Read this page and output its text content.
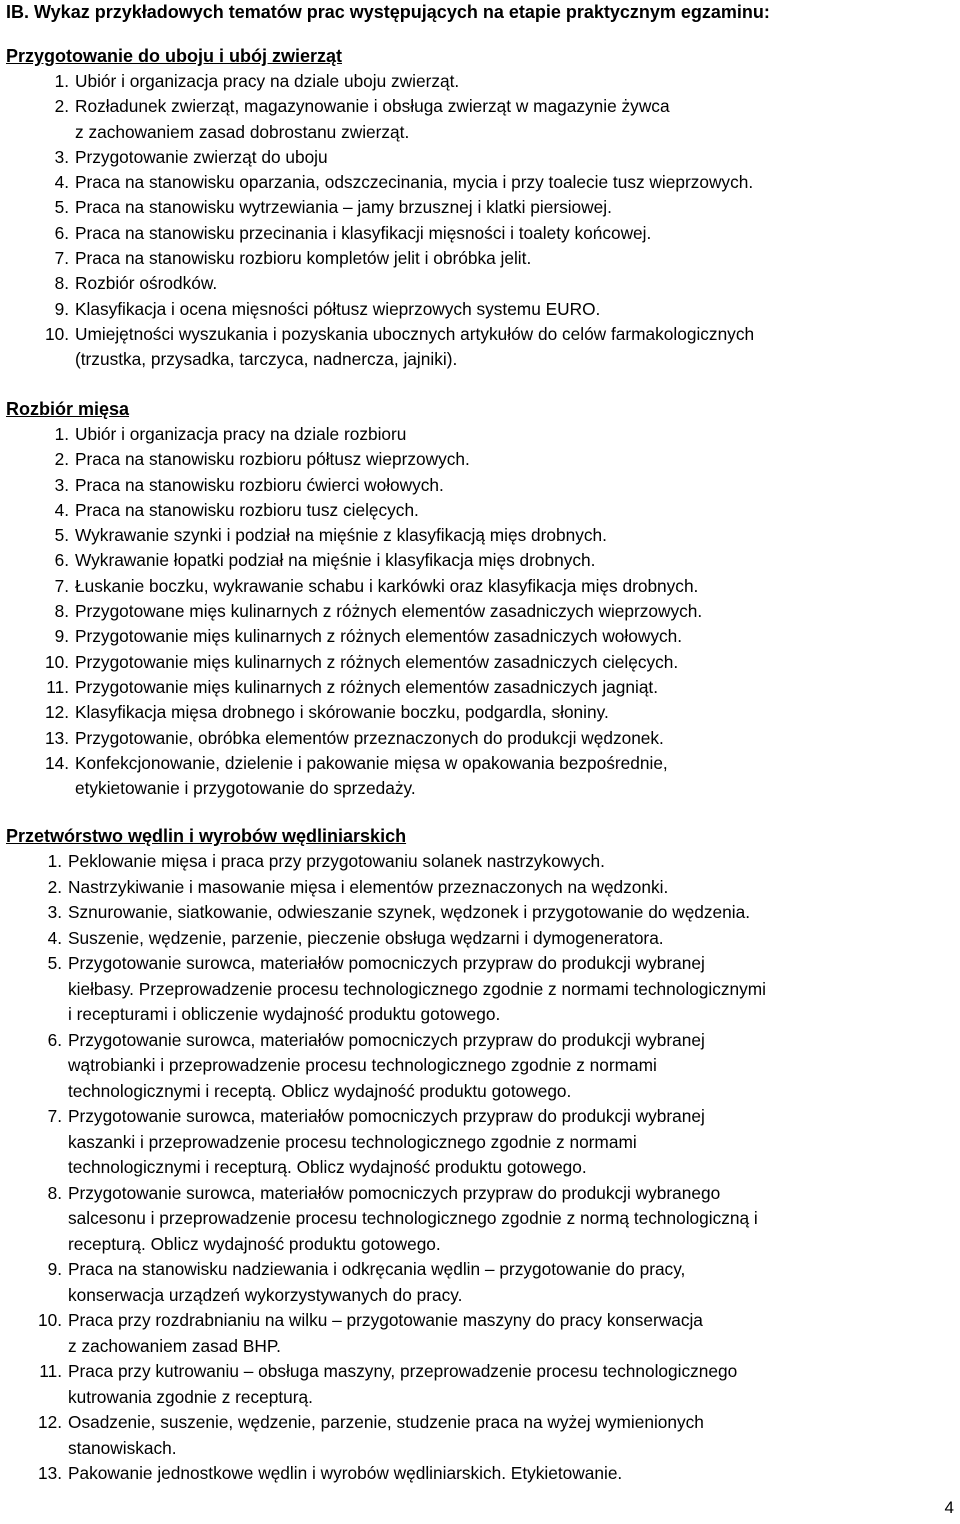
IB. Wykaz przykładowych tematów prac występujących na etapie praktycznym egzaminu:
Przygotowanie do uboju i ubój zwierząt
1. Ubiór i organizacja pracy na dziale uboju zwierząt.
2. Rozładunek zwierząt, magazynowanie i obsługa zwierząt w magazynie żywca
z zachowaniem zasad dobrostanu zwierząt.
3. Przygotowanie zwierząt do uboju
4. Praca na stanowisku oparzania, odszczecinania, mycia i przy toalecie tusz wieprzowych.
5. Praca na stanowisku wytrzewiania – jamy brzusznej i klatki piersiowej.
6. Praca na stanowisku przecinania i klasyfikacji mięsności i toalety końcowej.
7. Praca na stanowisku rozbioru kompletów jelit i obróbka jelit.
8. Rozbiór ośrodków.
9. Klasyfikacja i ocena mięsności półtusz wieprzowych systemu EURO.
10. Umiejętności wyszukania i pozyskania ubocznych artykułów do celów farmakologicznych
(trzustka, przysadka, tarczyca, nadnercza, jajniki).
Rozbiór mięsa
1. Ubiór i organizacja pracy na dziale rozbioru
2. Praca na stanowisku rozbioru półtusz wieprzowych.
3. Praca na stanowisku rozbioru ćwierci wołowych.
4. Praca na stanowisku rozbioru tusz cielęcych.
5. Wykrawanie szynki i podział na mięśnie z klasyfikacją mięs drobnych.
6. Wykrawanie łopatki podział na mięśnie i klasyfikacja mięs drobnych.
7. Łuskanie boczku, wykrawanie schabu i karkówki oraz klasyfikacja mięs drobnych.
8. Przygotowane mięs kulinarnych z różnych elementów zasadniczych wieprzowych.
9. Przygotowanie mięs kulinarnych z różnych elementów zasadniczych wołowych.
10. Przygotowanie mięs kulinarnych z różnych elementów zasadniczych cielęcych.
11. Przygotowanie mięs kulinarnych z różnych elementów zasadniczych jagniąt.
12. Klasyfikacja mięsa drobnego i skórowanie boczku, podgardla, słoniny.
13. Przygotowanie, obróbka elementów przeznaczonych do produkcji wędzonek.
14. Konfekcjonowanie, dzielenie i pakowanie mięsa w opakowania bezpośrednie,
etykietowanie i przygotowanie do sprzedaży.
Przetwórstwo wędlin i wyrobów wędliniarskich
1. Peklowanie mięsa i praca przy przygotowaniu solanek nastrzykowych.
2. Nastrzykiwanie i masowanie mięsa i elementów przeznaczonych na wędzonki.
3. Sznurowanie, siatkowanie, odwieszanie szynek, wędzonek i przygotowanie do wędzenia.
4. Suszenie, wędzenie, parzenie, pieczenie obsługa wędzarni i dymogeneratora.
5. Przygotowanie surowca, materiałów pomocniczych przypraw do produkcji wybranej
kiełbasy. Przeprowadzenie procesu technologicznego zgodnie z normami technologicznymi
i recepturami i obliczenie wydajność produktu gotowego.
6. Przygotowanie surowca, materiałów pomocniczych przypraw do produkcji wybranej
wątrobianki i przeprowadzenie procesu technologicznego zgodnie z normami
technologicznymi i receptą. Oblicz wydajność produktu gotowego.
7. Przygotowanie surowca, materiałów pomocniczych przypraw do produkcji wybranej
kaszanki i przeprowadzenie procesu technologicznego zgodnie z normami
technologicznymi i recepturą. Oblicz wydajność produktu gotowego.
8. Przygotowanie surowca, materiałów pomocniczych przypraw do produkcji wybranego
salcesonu i przeprowadzenie procesu technologicznego zgodnie z normą technologiczną i
recepturą. Oblicz wydajność produktu gotowego.
9. Praca na stanowisku nadziewania i odkręcania wędlin – przygotowanie do pracy,
konserwacja urządzeń wykorzystywanych do pracy.
10. Praca przy rozdrabnianiu na wilku – przygotowanie maszyny do pracy konserwacja
z zachowaniem zasad BHP.
11. Praca przy kutrowaniu – obsługa maszyny, przeprowadzenie procesu technologicznego
kutrowania zgodnie z recepturą.
12. Osadzenie, suszenie, wędzenie, parzenie, studzenie praca na wyżej wymienionych
stanowiskach.
13. Pakowanie jednostkowe wędlin i wyrobów wędliniarskich. Etykietowanie.
4
